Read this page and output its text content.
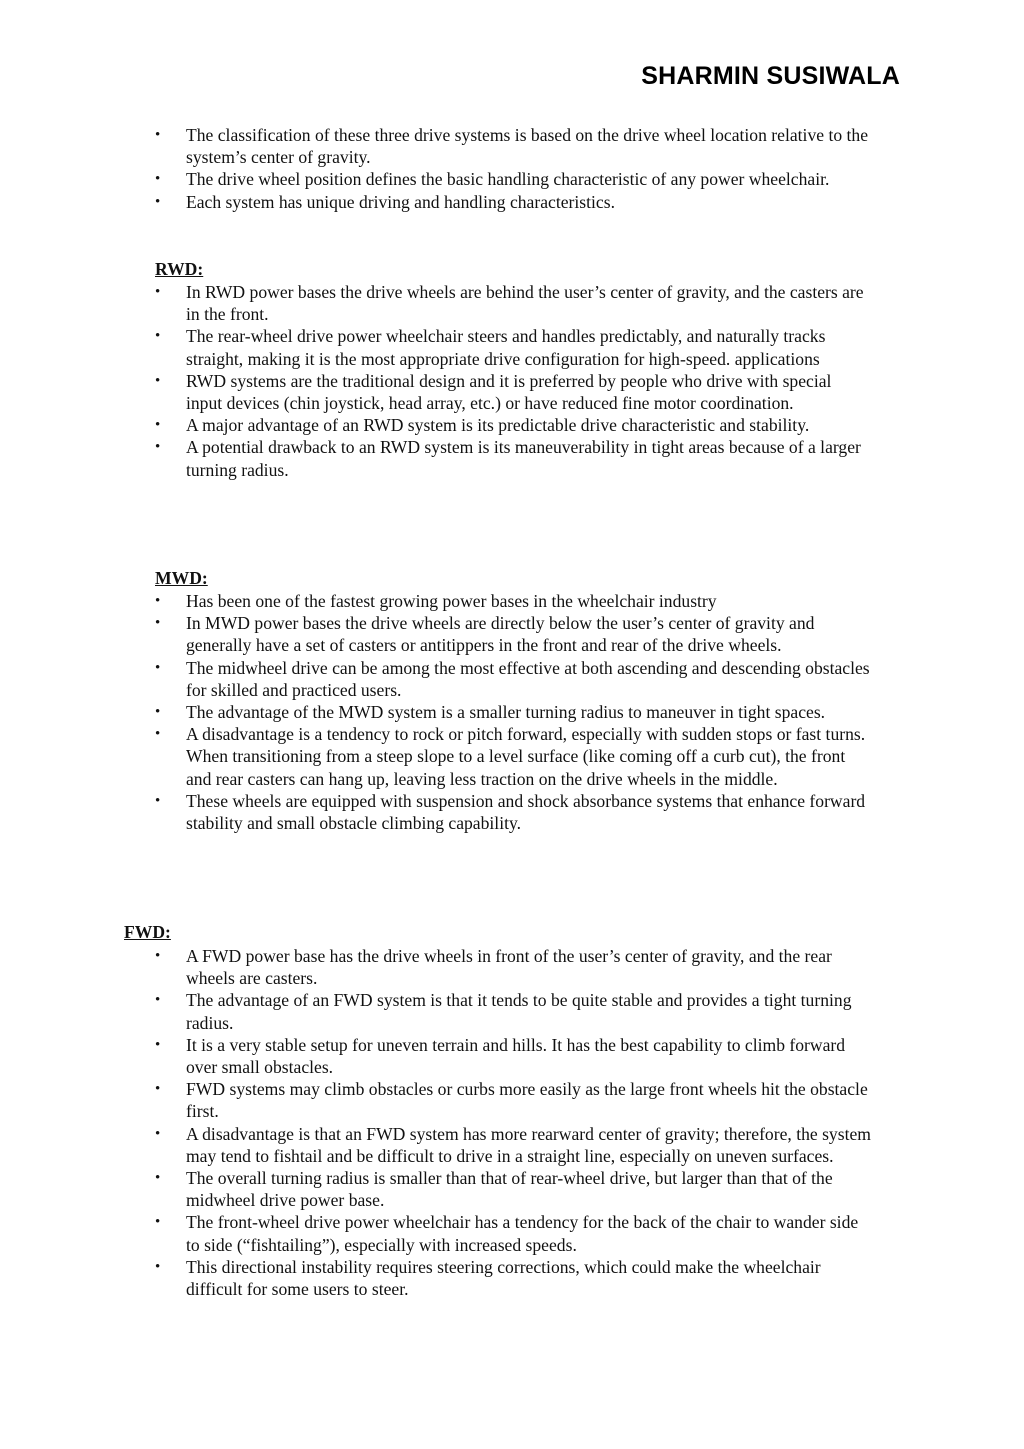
SHARMIN SUSIWALA
• The classification of these three drive systems is based on the drive wheel location relative to the system’s center of gravity.
• The drive wheel position defines the basic handling characteristic of any power wheelchair.
• Each system has unique driving and handling characteristics.
RWD:
• In RWD power bases the drive wheels are behind the user’s center of gravity, and the casters are in the front.
• The rear-wheel drive power wheelchair steers and handles predictably, and naturally tracks straight, making it is the most appropriate drive configuration for high-speed. applications
• RWD systems are the traditional design and it is preferred by people who drive with special input devices (chin joystick, head array, etc.) or have reduced fine motor coordination.
• A major advantage of an RWD system is its predictable drive characteristic and stability.
• A potential drawback to an RWD system is its maneuverability in tight areas because of a larger turning radius.
MWD:
• Has been one of the fastest growing power bases in the wheelchair industry
• In MWD power bases the drive wheels are directly below the user’s center of gravity and generally have a set of casters or antitippers in the front and rear of the drive wheels.
• The midwheel drive can be among the most effective at both ascending and descending obstacles for skilled and practiced users.
• The advantage of the MWD system is a smaller turning radius to maneuver in tight spaces.
• A disadvantage is a tendency to rock or pitch forward, especially with sudden stops or fast turns. When transitioning from a steep slope to a level surface (like coming off a curb cut), the front and rear casters can hang up, leaving less traction on the drive wheels in the middle.
• These wheels are equipped with suspension and shock absorbance systems that enhance forward stability and small obstacle climbing capability.
FWD:
• A FWD power base has the drive wheels in front of the user’s center of gravity, and the rear wheels are casters.
• The advantage of an FWD system is that it tends to be quite stable and provides a tight turning radius.
• It is a very stable setup for uneven terrain and hills. It has the best capability to climb forward over small obstacles.
• FWD systems may climb obstacles or curbs more easily as the large front wheels hit the obstacle first.
• A disadvantage is that an FWD system has more rearward center of gravity; therefore, the system may tend to fishtail and be difficult to drive in a straight line, especially on uneven surfaces.
• The overall turning radius is smaller than that of rear-wheel drive, but larger than that of the midwheel drive power base.
• The front-wheel drive power wheelchair has a tendency for the back of the chair to wander side to side (“fishtailing”), especially with increased speeds.
• This directional instability requires steering corrections, which could make the wheelchair difficult for some users to steer.
